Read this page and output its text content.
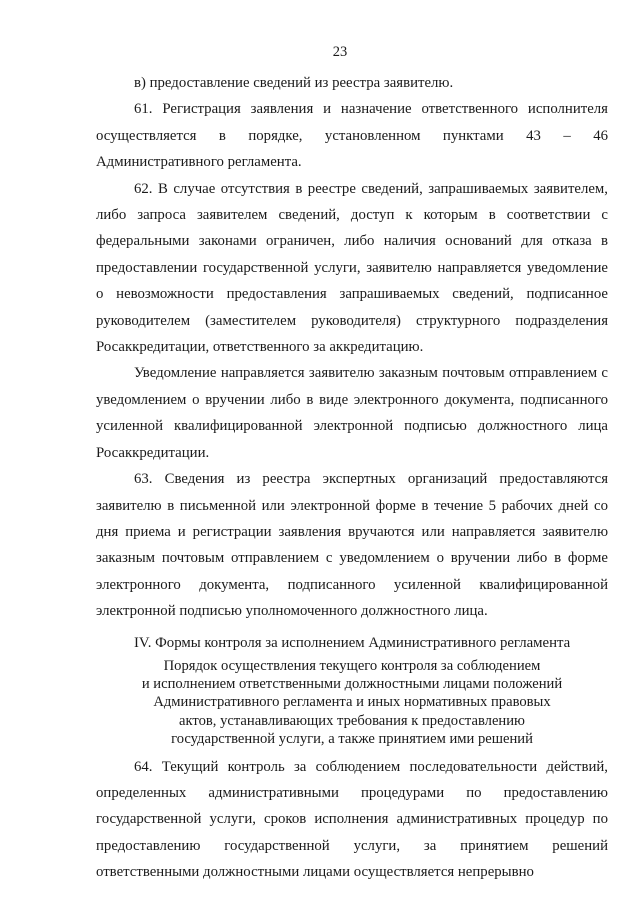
23

в) предоставление сведений из реестра заявителю.

61. Регистрация заявления и назначение ответственного исполнителя осуществляется в порядке, установленном пунктами 43 – 46 Административного регламента.

62. В случае отсутствия в реестре сведений, запрашиваемых заявителем, либо запроса заявителем сведений, доступ к которым в соответствии с федеральными законами ограничен, либо наличия оснований для отказа в предоставлении государственной услуги, заявителю направляется уведомление о невозможности предоставления запрашиваемых сведений, подписанное руководителем (заместителем руководителя) структурного подразделения Росаккредитации, ответственного за аккредитацию.

Уведомление направляется заявителю заказным почтовым отправлением с уведомлением о вручении либо в виде электронного документа, подписанного усиленной квалифицированной электронной подписью должностного лица Росаккредитации.

63. Сведения из реестра экспертных организаций предоставляются заявителю в письменной или электронной форме в течение 5 рабочих дней со дня приема и регистрации заявления вручаются или направляется заявителю заказным почтовым отправлением с уведомлением о вручении либо в форме электронного документа, подписанного усиленной квалифицированной электронной подписью уполномоченного должностного лица.

IV. Формы контроля за исполнением Административного регламента

Порядок осуществления текущего контроля за соблюдением
и исполнением ответственными должностными лицами положений
Административного регламента и иных нормативных правовых
актов, устанавливающих требования к предоставлению
государственной услуги, а также принятием ими решений

64. Текущий контроль за соблюдением последовательности действий, определенных административными процедурами по предоставлению государственной услуги, сроков исполнения административных процедур по предоставлению государственной услуги, за принятием решений ответственными должностными лицами осуществляется непрерывно
